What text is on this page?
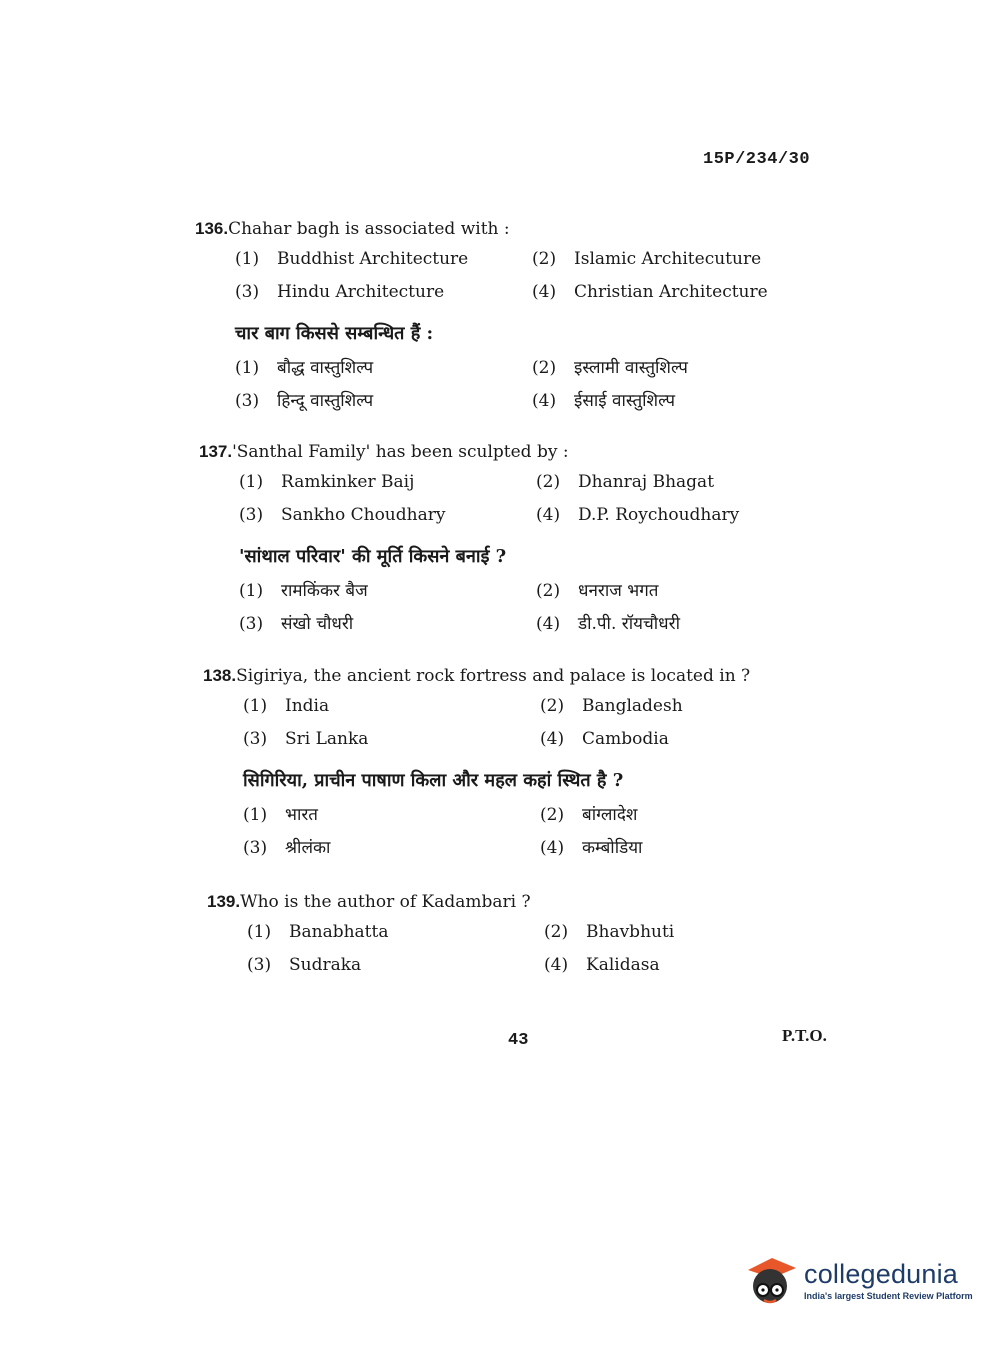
15P/234/30
136.Chahar bagh is associated with :
(1) Buddhist Architecture	(2) Islamic Architecuture
(3) Hindu Architecture	(4) Christian Architecture
चार बाग किससे सम्बन्धित हैं :
(1) बौद्ध वास्तुशिल्प	(2) इस्लामी वास्तुशिल्प
(3) हिन्दू वास्तुशिल्प	(4) ईसाई वास्तुशिल्प
137.'Santhal Family' has been sculpted by :
(1) Ramkinker Baij	(2) Dhanraj Bhagat
(3) Sankho Choudhary	(4) D.P. Roychoudhary
'सांथाल परिवार' की मूर्ति किसने बनाई ?
(1) रामकिंकर बैज	(2) धनराज भगत
(3) संखो चौधरी	(4) डी.पी. रॉयचौधरी
138.Sigiriya, the ancient rock fortress and palace is located in ?
(1) India	(2) Bangladesh
(3) Sri Lanka	(4) Cambodia
सिगिरिया, प्राचीन पाषाण किला और महल कहां स्थित है ?
(1) भारत	(2) बांग्लादेश
(3) श्रीलंका	(4) कम्बोडिया
139.Who is the author of Kadambari ?
(1) Banabhatta	(2) Bhavbhuti
(3) Sudraka	(4) Kalidasa
43	P.T.O.
collegedunia
India's largest Student Review Platform
